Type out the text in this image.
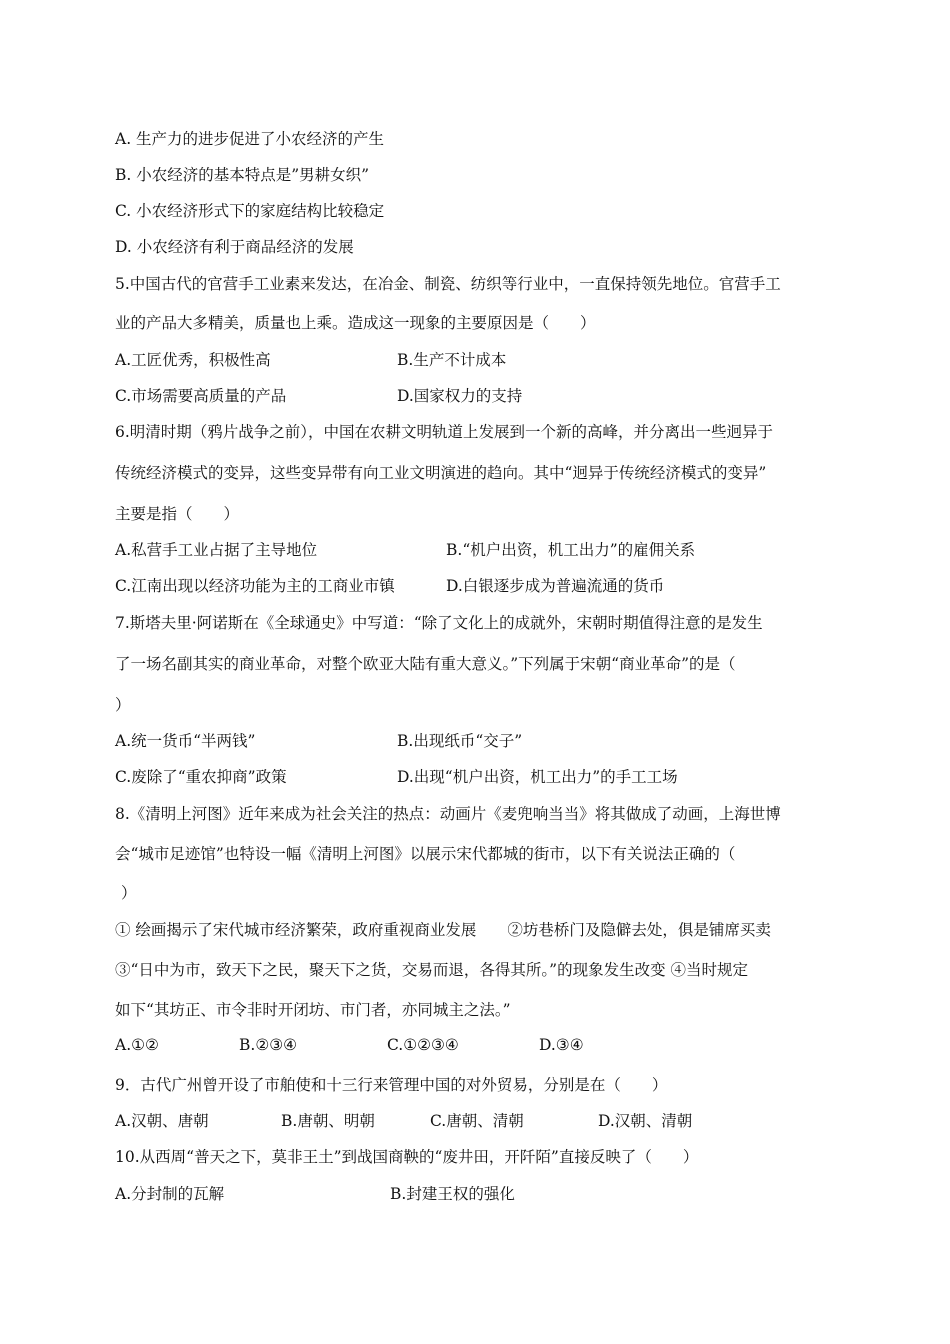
A. 生产力的进步促进了小农经济的产生
B. 小农经济的基本特点是”男耕女织”
C. 小农经济形式下的家庭结构比较稳定
D. 小农经济有利于商品经济的发展
5.中国古代的官营手工业素来发达，在冶金、制瓷、纺织等行业中，一直保持领先地位。官营手工
业的产品大多精美，质量也上乘。造成这一现象的主要原因是（　　）
A.工匠优秀，积极性高	B.生产不计成本
C.市场需要高质量的产品	D.国家权力的支持
6.明清时期（鸦片战争之前），中国在农耕文明轨道上发展到一个新的高峰，并分离出一些迥异于
传统经济模式的变异，这些变异带有向工业文明演进的趋向。其中“迥异于传统经济模式的变异”
主要是指（　　）
A.私营手工业占据了主导地位	B.“机户出资，机工出力”的雇佣关系
C.江南出现以经济功能为主的工商业市镇	D.白银逐步成为普遍流通的货币
7.斯塔夫里·阿诺斯在《全球通史》中写道：“除了文化上的成就外，宋朝时期值得注意的是发生
了一场名副其实的商业革命，对整个欧亚大陆有重大意义。”下列属于宋朝“商业革命”的是（
）
A.统一货币“半两钱”	B.出现纸币“交子”
C.废除了“重农抑商”政策	D.出现“机户出资，机工出力”的手工工场
8.《清明上河图》近年来成为社会关注的热点：动画片《麦兜响当当》将其做成了动画，上海世博
会“城市足迹馆”也特设一幅《清明上河图》以展示宋代都城的街市，以下有关说法正确的（
）
① 绘画揭示了宋代城市经济繁荣，政府重视商业发展　　②坊巷桥门及隐僻去处，俱是铺席买卖
③“日中为市，致天下之民，聚天下之货，交易而退，各得其所。”的现象发生改变 ④当时规定
如下“其坊正、市令非时开闭坊、市门者，亦同城主之法。”
A.①②	B.②③④	C.①②③④	D.③④
9．古代广州曾开设了市舶使和十三行来管理中国的对外贸易，分别是在（　　）
A.汉朝、唐朝	B.唐朝、明朝	C.唐朝、清朝	D.汉朝、清朝
10.从西周“普天之下，莫非王土”到战国商鞅的“废井田，开阡陌”直接反映了（　　）
A.分封制的瓦解	B.封建王权的强化
